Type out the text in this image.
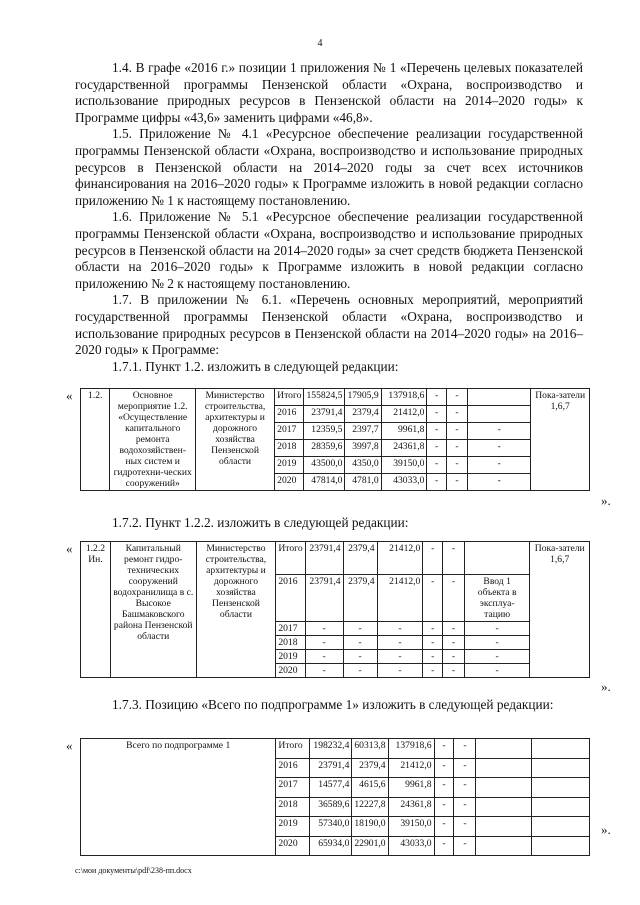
4

1.4. В графе «2016 г.» позиции 1 приложения № 1 «Перечень целевых показателей государственной программы Пензенской области «Охрана, воспроизводство и использование природных ресурсов в Пензенской области на 2014–2020 годы» к Программе цифры «43,6» заменить цифрами «46,8».

1.5. Приложение № 4.1 «Ресурсное обеспечение реализации государственной программы Пензенской области «Охрана, воспроизводство и использование природных ресурсов в Пензенской области на 2014–2020 годы за счет всех источников финансирования на 2016–2020 годы» к Программе изложить в новой редакции согласно приложению № 1 к настоящему постановлению.

1.6. Приложение № 5.1 «Ресурсное обеспечение реализации государственной программы Пензенской области «Охрана, воспроизводство и использование природных ресурсов в Пензенской области на 2014–2020 годы» за счет средств бюджета Пензенской области на 2016–2020 годы» к Программе изложить в новой редакции согласно приложению № 2 к настоящему постановлению.

1.7. В приложении № 6.1. «Перечень основных мероприятий, мероприятий государственной программы Пензенской области «Охрана, воспроизводство и использование природных ресурсов в Пензенской области на 2014–2020 годы» на 2016–2020 годы» к Программе:

1.7.1. Пункт 1.2. изложить в следующей редакции:

« 1.2.	Основное мероприятие 1.2. «Осуществление капитального ремонта водохозяйствен-ных систем и гидротехни-ческих сооружений»	Министерство строительства, архитектуры и дорожного хозяйства Пензенской области	Итого	155824,5	17905,9	137918,6	-	-		Пока-затели 1,6,7
			2016	23791,4	2379,4	21412,0	-	-		
			2017	12359,5	2397,7	9961,8	-	-	-	
			2018	28359,6	3997,8	24361,8	-	-	-	
			2019	43500,0	4350,0	39150,0	-	-	-	
			2020	47814,0	4781,0	43033,0	-	-	-	
».

1.7.2. Пункт 1.2.2. изложить в следующей редакции:

« 1.2.2 Ин.	Капитальный ремонт гидро-технических сооружений водохранилища в с. Высокое Башмаковского района Пензенской области	Министерство строительства, архитектуры и дорожного хозяйства Пензенской области	Итого	23791,4	2379,4	21412,0	-	-		Пока-затели 1,6,7
			2016	23791,4	2379,4	21412,0	-	-	Ввод 1 объекта в эксплуа-тацию	
			2017	-	-	-	-	-	-	
			2018	-	-	-	-	-	-	
			2019	-	-	-	-	-	-	
			2020	-	-	-	-	-	-	
».

1.7.3. Позицию «Всего по подпрограмме 1» изложить в следующей редакции:

«	Всего по подпрограмме 1	Итого	198232,4	60313,8	137918,6	-	-		
	2016	23791,4	2379,4	21412,0	-	-		
	2017	14577,4	4615,6	9961,8	-	-		
	2018	36589,6	12227,8	24361,8	-	-		
	2019	57340,0	18190,0	39150,0	-	-		
	2020	65934,0	22901,0	43033,0	-	-		
».
c:\мои документы\pdf\238-пп.docx
